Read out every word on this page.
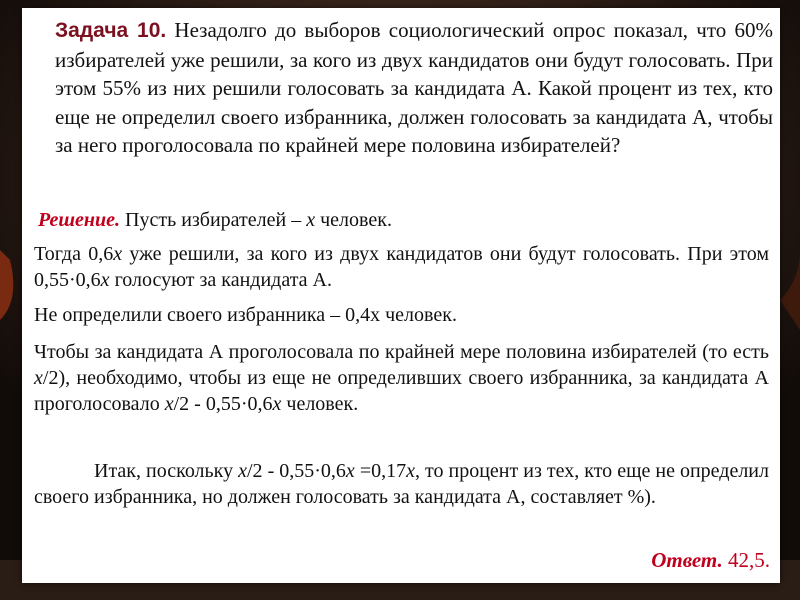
Задача 10. Незадолго до выборов социологический опрос показал, что 60% избирателей уже решили, за кого из двух кандидатов они будут голосовать. При этом 55% из них решили голосовать за кандидата А. Какой процент из тех, кто еще не определил своего избранника, должен голосовать за кандидата А, чтобы за него проголосовала по крайней мере половина избирателей?

Решение. Пусть избирателей – x человек.

Тогда 0,6x уже решили, за кого из двух кандидатов они будут голосовать. При этом 0,55·0,6x голосуют за кандидата А.

Не определили своего избранника – 0,4x человек.

Чтобы за кандидата А проголосовала по крайней мере половина избирателей (то есть x/2), необходимо, чтобы из еще не определивших своего избранника, за кандидата А проголосовало x/2 - 0,55·0,6x человек.

Итак, поскольку x/2 - 0,55·0,6x =0,17x, то процент из тех, кто еще не определил своего избранника, но должен голосовать за кандидата А, составляет %).

Ответ. 42,5.
